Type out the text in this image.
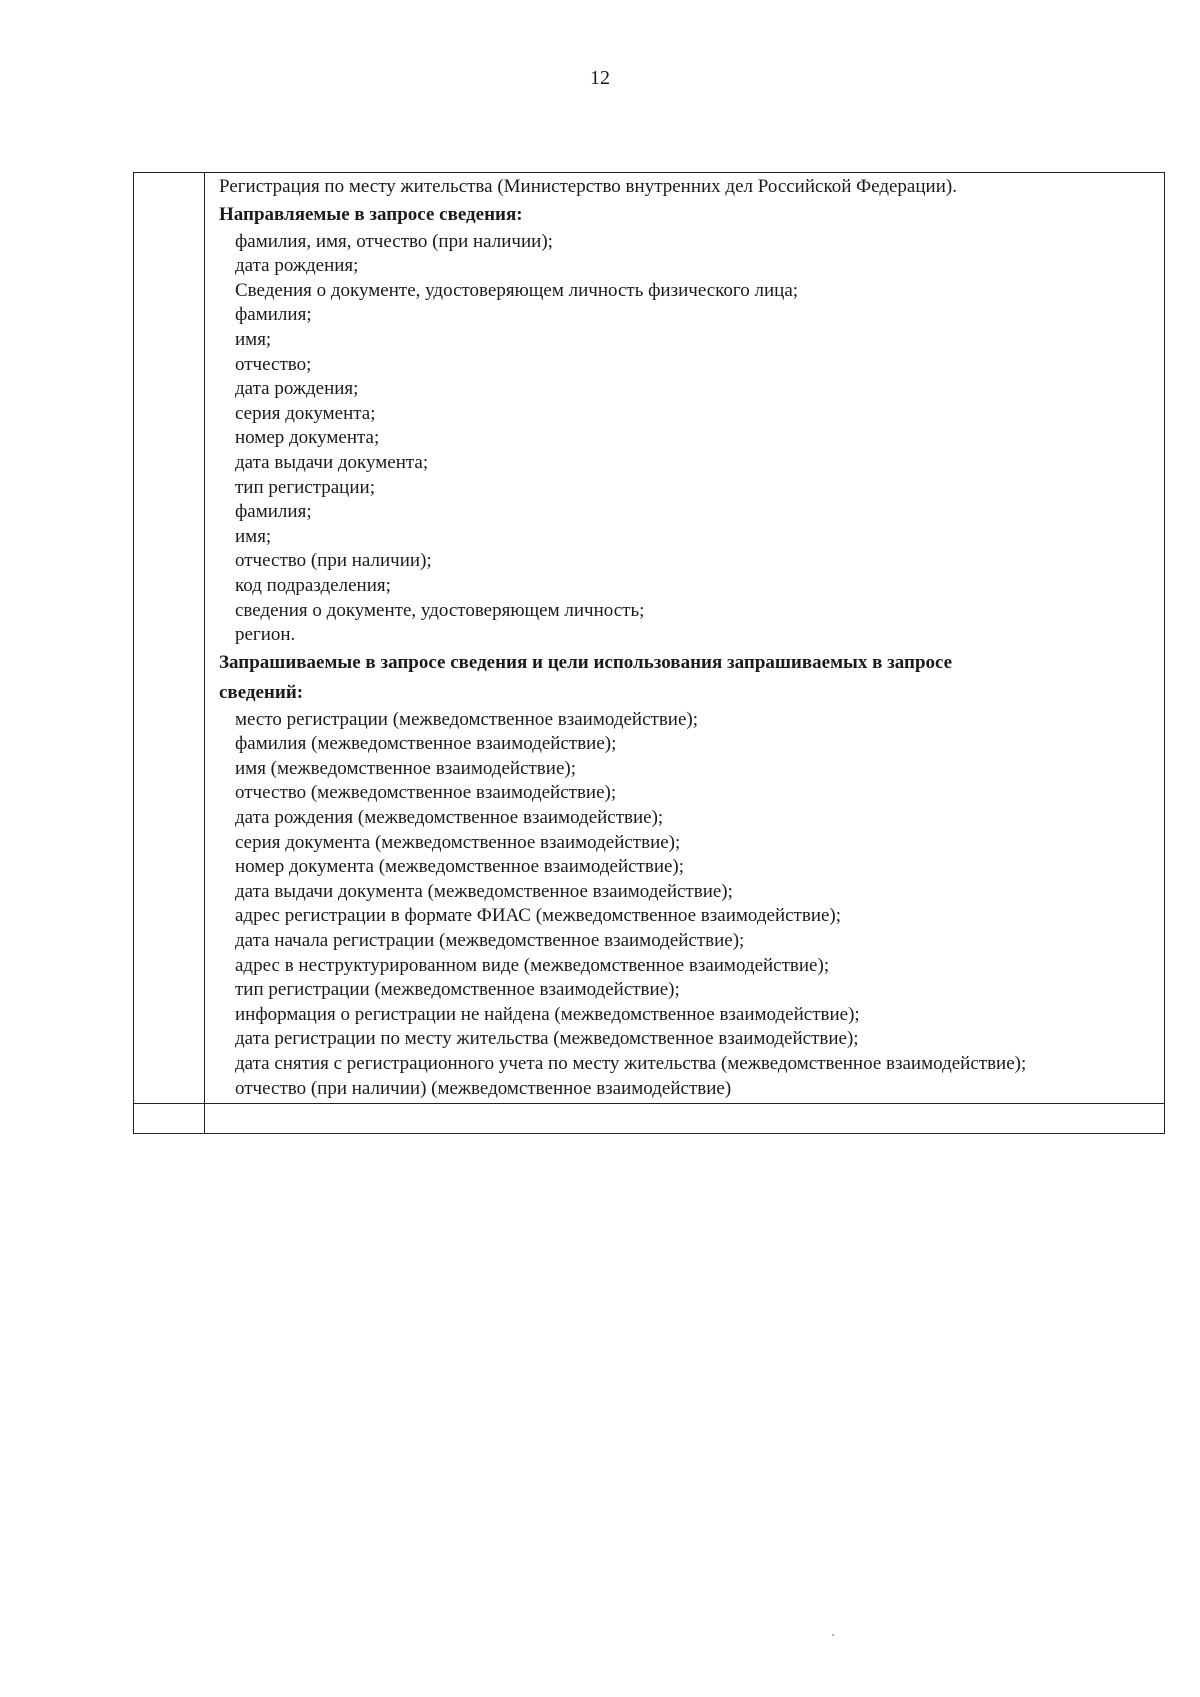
12
Регистрация по месту жительства (Министерство внутренних дел Российской Федерации).
Направляемые в запросе сведения:
фамилия, имя, отчество (при наличии);
дата рождения;
Сведения о документе, удостоверяющем личность физического лица;
фамилия;
имя;
отчество;
дата рождения;
серия документа;
номер документа;
дата выдачи документа;
тип регистрации;
фамилия;
имя;
отчество (при наличии);
код подразделения;
сведения о документе, удостоверяющем личность;
регион.
Запрашиваемые в запросе сведения и цели использования запрашиваемых в запросе
сведений:
место регистрации (межведомственное взаимодействие);
фамилия (межведомственное взаимодействие);
имя (межведомственное взаимодействие);
отчество (межведомственное взаимодействие);
дата рождения (межведомственное взаимодействие);
серия документа (межведомственное взаимодействие);
номер документа (межведомственное взаимодействие);
дата выдачи документа (межведомственное взаимодействие);
адрес регистрации в формате ФИАС (межведомственное взаимодействие);
дата начала регистрации (межведомственное взаимодействие);
адрес в неструктурированном виде (межведомственное взаимодействие);
тип регистрации (межведомственное взаимодействие);
информация о регистрации не найдена (межведомственное взаимодействие);
дата регистрации по месту жительства (межведомственное взаимодействие);
дата снятия с регистрационного учета по месту жительства (межведомственное взаимодействие);
отчество (при наличии) (межведомственное взаимодействие)
